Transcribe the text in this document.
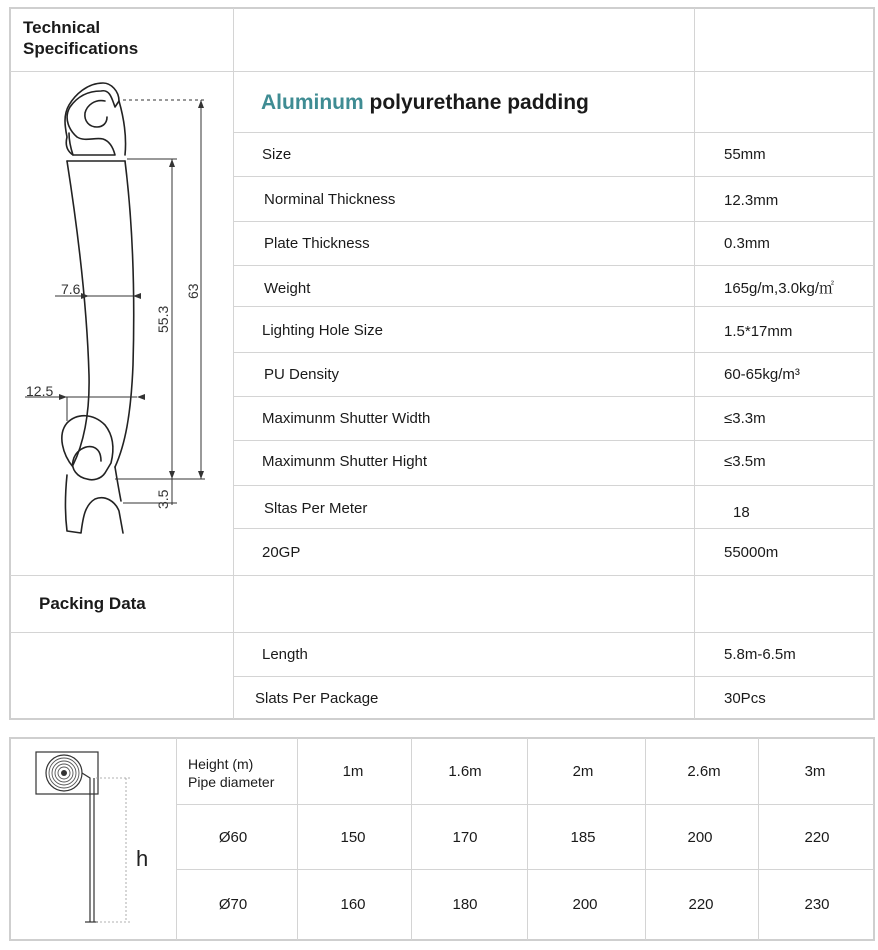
Technical
Specifications
Aluminum polyurethane padding
Size	55mm
Norminal Thickness	12.3mm
Plate Thickness	0.3mm
Weight	165g/m,3.0kg/㎡
Lighting Hole Size	1.5*17mm
PU Density	60-65kg/m³
Maximunm Shutter Width	≤3.3m
Maximunm Shutter Hight	≤3.5m
Sltas Per Meter	18
20GP	55000m
Packing Data
Length	5.8m-6.5m
Slats Per Package	30Pcs
7.6
12.5
55.3
63
3.5
Height (m)
Pipe diameter
1m	1.6m	2m	2.6m	3m
Ø60	150	170	185	200	220
Ø70	160	180	200	220	230
h
